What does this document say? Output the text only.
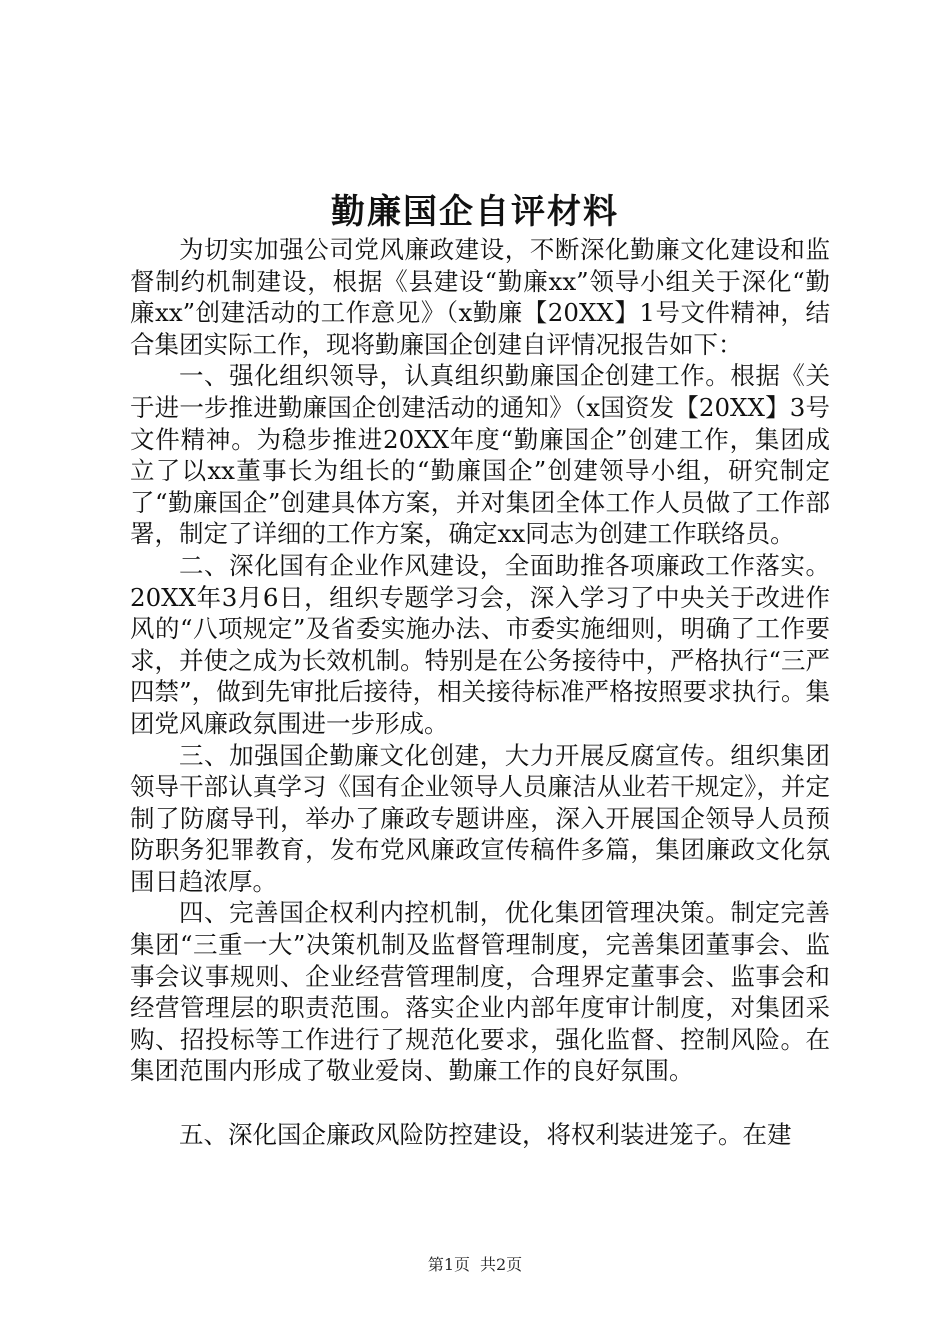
勤廉国企自评材料

为切实加强公司党风廉政建设，不断深化勤廉文化建设和监督制约机制建设，根据《县建设“勤廉xx”领导小组关于深化“勤廉xx”创建活动的工作意见》（x勤廉【20XX】1号文件精神，结合集团实际工作，现将勤廉国企创建自评情况报告如下：

一、强化组织领导，认真组织勤廉国企创建工作。根据《关于进一步推进勤廉国企创建活动的通知》（x国资发【20XX】3号文件精神。为稳步推进20XX年度“勤廉国企”创建工作，集团成立了以xx董事长为组长的“勤廉国企”创建领导小组，研究制定了“勤廉国企”创建具体方案，并对集团全体工作人员做了工作部署，制定了详细的工作方案，确定xx同志为创建工作联络员。

二、深化国有企业作风建设，全面助推各项廉政工作落实。20XX年3月6日，组织专题学习会，深入学习了中央关于改进作风的“八项规定”及省委实施办法、市委实施细则，明确了工作要求，并使之成为长效机制。特别是在公务接待中，严格执行“三严四禁”，做到先审批后接待，相关接待标准严格按照要求执行。集团党风廉政氛围进一步形成。

三、加强国企勤廉文化创建，大力开展反腐宣传。组织集团领导干部认真学习《国有企业领导人员廉洁从业若干规定》，并定制了防腐导刊，举办了廉政专题讲座，深入开展国企领导人员预防职务犯罪教育，发布党风廉政宣传稿件多篇，集团廉政文化氛围日趋浓厚。

四、完善国企权利内控机制，优化集团管理决策。制定完善集团“三重一大”决策机制及监督管理制度，完善集团董事会、监事会议事规则、企业经营管理制度，合理界定董事会、监事会和经营管理层的职责范围。落实企业内部年度审计制度，对集团采购、招投标等工作进行了规范化要求，强化监督、控制风险。在集团范围内形成了敬业爱岗、勤廉工作的良好氛围。

五、深化国企廉政风险防控建设，将权利装进笼子。在建

第1页 共2页
